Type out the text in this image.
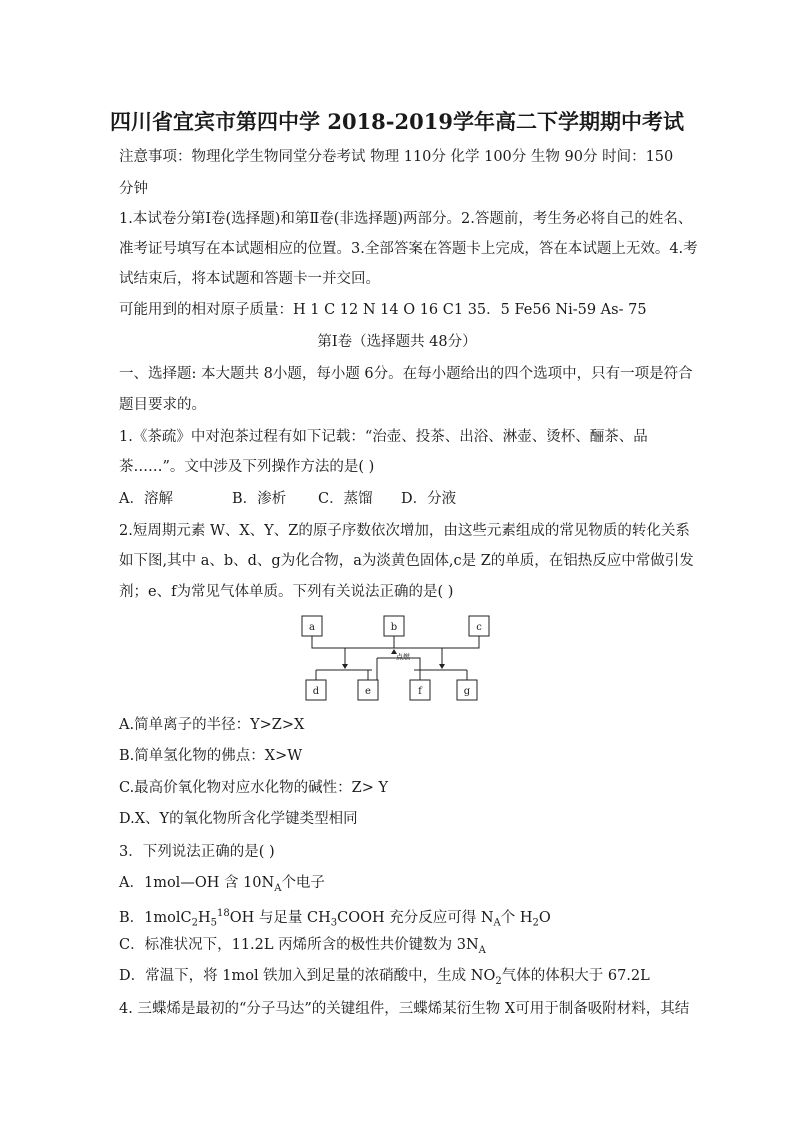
四川省宜宾市第四中学 2018-2019学年高二下学期期中考试
注意事项：物理化学生物同堂分卷考试 物理 110分 化学 100分 生物 90分 时间：150
分钟
1.本试卷分第Ⅰ卷(选择题)和第Ⅱ卷(非选择题)两部分。2.答题前，考生务必将自己的姓名、
准考证号填写在本试题相应的位置。3.全部答案在答题卡上完成，答在本试题上无效。4.考
试结束后，将本试题和答题卡一并交回。
可能用到的相对原子质量：H 1 C 12 N 14 O 16 C1 35．5 Fe56 Ni-59 As- 75
第Ⅰ卷（选择题共 48分）
一、选择题: 本大题共 8小题，每小题 6分。在每小题给出的四个选项中，只有一项是符合
题目要求的。
1.《茶疏》中对泡茶过程有如下记载：“治壶、投茶、出浴、淋壶、烫杯、酾茶、品
茶……”。文中涉及下列操作方法的是( )
A．溶解	B．渗析 C．蒸馏 D．分液
2.短周期元素 W、X、Y、Z的原子序数依次增加，由这些元素组成的常见物质的转化关系
如下图,其中 a、b、d、g为化合物，a为淡黄色固体,c是 Z的单质，在铝热反应中常做引发
剂；e、f为常见气体单质。下列有关说法正确的是( )
a	b	c
d	e	f	g
点燃
A.简单离子的半径：Y>Z>X
B.简单氢化物的佛点：X>W
C.最高价氧化物对应水化物的碱性：Z> Y
D.X、Y的氧化物所含化学键类型相同
3．下列说法正确的是( )
A．1mol—OH 含 $10N_A$个电子
B．$1molC_2H_5^{18}OH$ 与足量 $CH_3COOH$ 充分反应可得 $N_A$个 $H_2O$
C．标准状况下，11.2L 丙烯所含的极性共价键数为 $3N_A$
D．常温下，将 1mol 铁加入到足量的浓硝酸中，生成 $NO_2$气体的体积大于 67.2L
4. 三蝶烯是最初的“分子马达”的关键组件，三蝶烯某衍生物 X可用于制备吸附材料，其结
